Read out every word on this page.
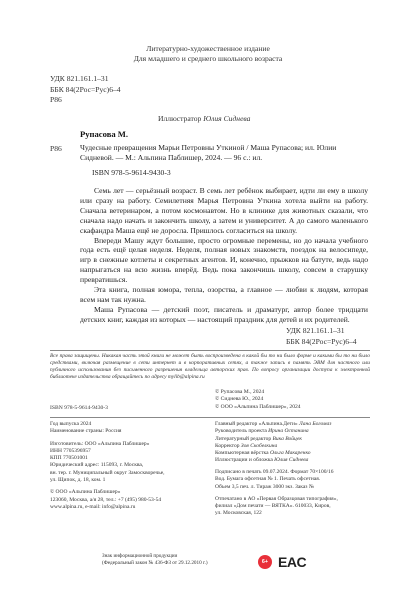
Литературно-художественное издание
Для младшего и среднего школьного возраста
УДК 821.161.1–31
ББК 84(2Рос=Рус)6–4
Р86
Иллюстратор Юлия Сиднева
Рупасова М.
Р86 Чудесные превращения Марьи Петровны Уткиной / Маша Рупасова; ил. Юлии Сидневой. — М.: Альпина Паблишер, 2024. — 96 с.: ил.
ISBN 978-5-9614-9430-3

Семь лет — серьёзный возраст. В семь лет ребёнок выбирает, идти ли ему в школу или сразу на работу. Семилетняя Марья Петровна Уткина хотела выйти на работу. Сначала ветеринаром, а потом космонавтом. Но в клинике для животных сказали, что сначала надо начать и закончить школу, а затем и университет. А до самого маленького скафандра Маша ещё не доросла. Пришлось согласиться на школу.

Впереди Машу ждут большие, просто огромные перемены, но до начала учебного года есть ещё целая неделя. Неделя, полная новых знакомств, поездок на велосипеде, игр в снежные котлеты и секретных агентов. И, конечно, прыжков на батуте, ведь надо напрыгаться на всю жизнь вперёд. Ведь пока закончишь школу, совсем в старушку превратишься.

Эта книга, полная юмора, тепла, озорства, а главное — любви к людям, которая всем нам так нужна.

Маша Рупасова — детский поэт, писатель и драматург, автор более тридцати детских книг, каждая из которых — настоящий праздник для детей и их родителей.

УДК 821.161.1–31
ББК 84(2Рос=Рус)6–4
Все права защищены. Никакая часть этой книги не может быть воспроизведена в какой бы то ни было форме и какими бы то ни было средствами, включая размещение в сети интернет и в корпоративных сетях, а также запись в память ЭВМ для частного или публичного использования без письменного разрешения владельца авторских прав. По вопросу организации доступа к электронной библиотеке издательства обращайтесь по адресу mylib@alpina.ru
© Рупасова М., 2024
© Сиднева Ю., 2024
© ООО «Альпина Паблишер», 2024
ISBN 978-5-9614-9430-3
Год выпуска 2024
Наименование страны: Россия
Изготовитель: ООО «Альпина Паблишер»
ИНН 7705396957
КПП 770501001
Юридический адрес: 115093, г. Москва,
вн. тер. г. Муниципальный округ Замоскворечье,
ул. Щипок, д. 18, ком. 1
© ООО «Альпина Паблишер»
123060, Москва, а/я 28, тел.: +7 (495) 980-53-54
www.alpina.ru, e-mail: info@alpina.ru
Главный редактор «Альпина.Дети» Лана Богомаз
Руководитель проекта Ирина Останина
Литературный редактор Вика Войцек
Корректор Зоя Скобелкина
Компьютерная вёрстка Ольга Макаренко
Иллюстрации и обложка Юлия Сиднева
Подписано в печать 09.07.2024. Формат 70×100/16
Вод. Бумага офсетная № 1. Печать офсетная.
Объем 3,5 печ. л. Тираж 3000 экз. Заказ №
Отпечатано в АО «Первая Образцовая типография»,
филиал «Дом печати — ВЯТКА». 610033, Киров,
ул. Московская, 122
Знак информационной продукции
(Федеральный закон № 436-ФЗ от 29.12.2010 г.)	6+ EAC
